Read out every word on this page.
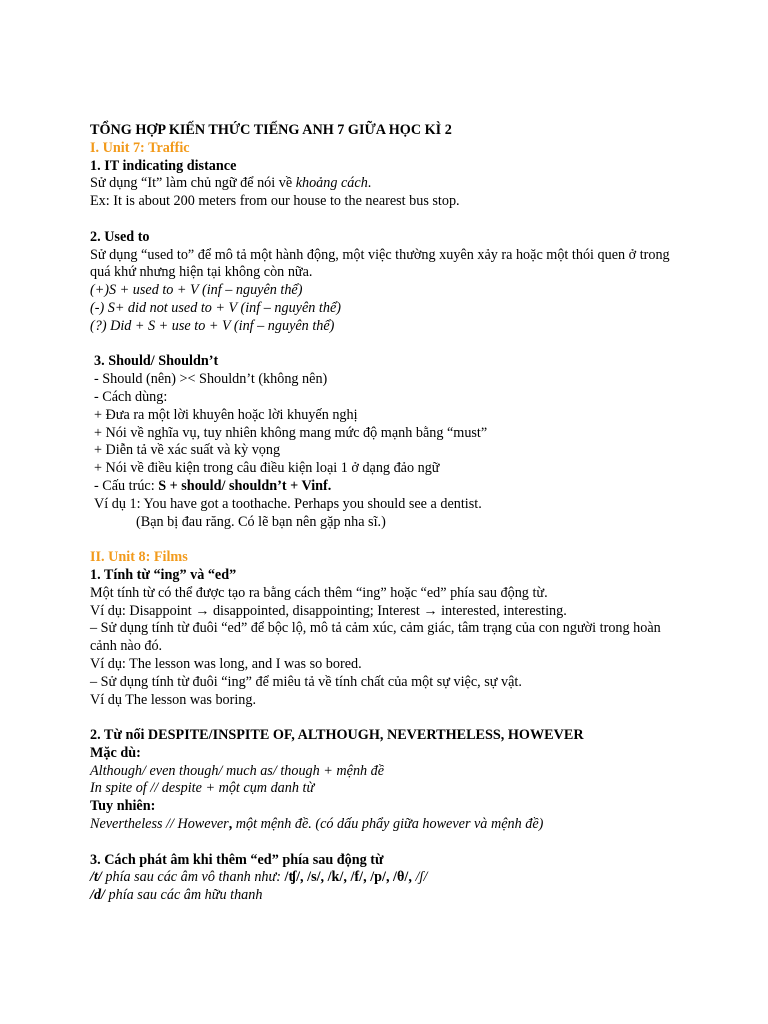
TỔNG HỢP KIẾN THỨC TIẾNG ANH 7 GIỮA HỌC KÌ 2
I. Unit 7: Traffic
1. IT indicating distance
Sử dụng “It” làm chủ ngữ để nói về khoảng cách.
Ex: It is about 200 meters from our house to the nearest bus stop.
2. Used to
Sử dụng “used to” để mô tả một hành động, một việc thường xuyên xảy ra hoặc một thói quen ở trong quá khứ nhưng hiện tại không còn nữa.
(+)S + used to + V (inf – nguyên thể)
(-) S+ did not used to + V (inf – nguyên thể)
(?) Did + S + use to + V (inf – nguyên thể)
3. Should/ Shouldn’t
- Should (nên) >< Shouldn’t (không nên)
- Cách dùng:
+ Đưa ra một lời khuyên hoặc lời khuyến nghị
+ Nói về nghĩa vụ, tuy nhiên không mang mức độ mạnh bằng “must”
+ Diễn tả về xác suất và kỳ vọng
+ Nói về điều kiện trong câu điều kiện loại 1 ở dạng đảo ngữ
- Cấu trúc: S + should/ shouldn’t + Vinf.
Ví dụ 1: You have got a toothache. Perhaps you should see a dentist.
(Bạn bị đau răng. Có lẽ bạn nên gặp nha sĩ.)
II. Unit 8: Films
1. Tính từ “ing” và “ed”
Một tính từ có thể được tạo ra bằng cách thêm “ing” hoặc “ed” phía sau động từ.
Ví dụ: Disappoint → disappointed, disappointing; Interest → interested, interesting.
– Sử dụng tính từ đuôi “ed” để bộc lộ, mô tả cảm xúc, cảm giác, tâm trạng của con người trong hoàn cảnh nào đó.
Ví dụ: The lesson was long, and I was so bored.
– Sử dụng tính từ đuôi “ing” để miêu tả về tính chất của một sự việc, sự vật.
Ví dụ The lesson was boring.
2. Từ nối DESPITE/INSPITE OF, ALTHOUGH, NEVERTHELESS, HOWEVER
Mặc dù:
Although/ even though/ much as/ though + mệnh đề
In spite of // despite + một cụm danh từ
Tuy nhiên:
Nevertheless // However, một mệnh đề. (có dấu phẩy giữa however và mệnh đề)
3. Cách phát âm khi thêm “ed” phía sau động từ
/t/ phía sau các âm vô thanh như: /ʧ/, /s/, /k/, /f/, /p/, /θ/, /ʃ/
/d/ phía sau các âm hữu thanh
